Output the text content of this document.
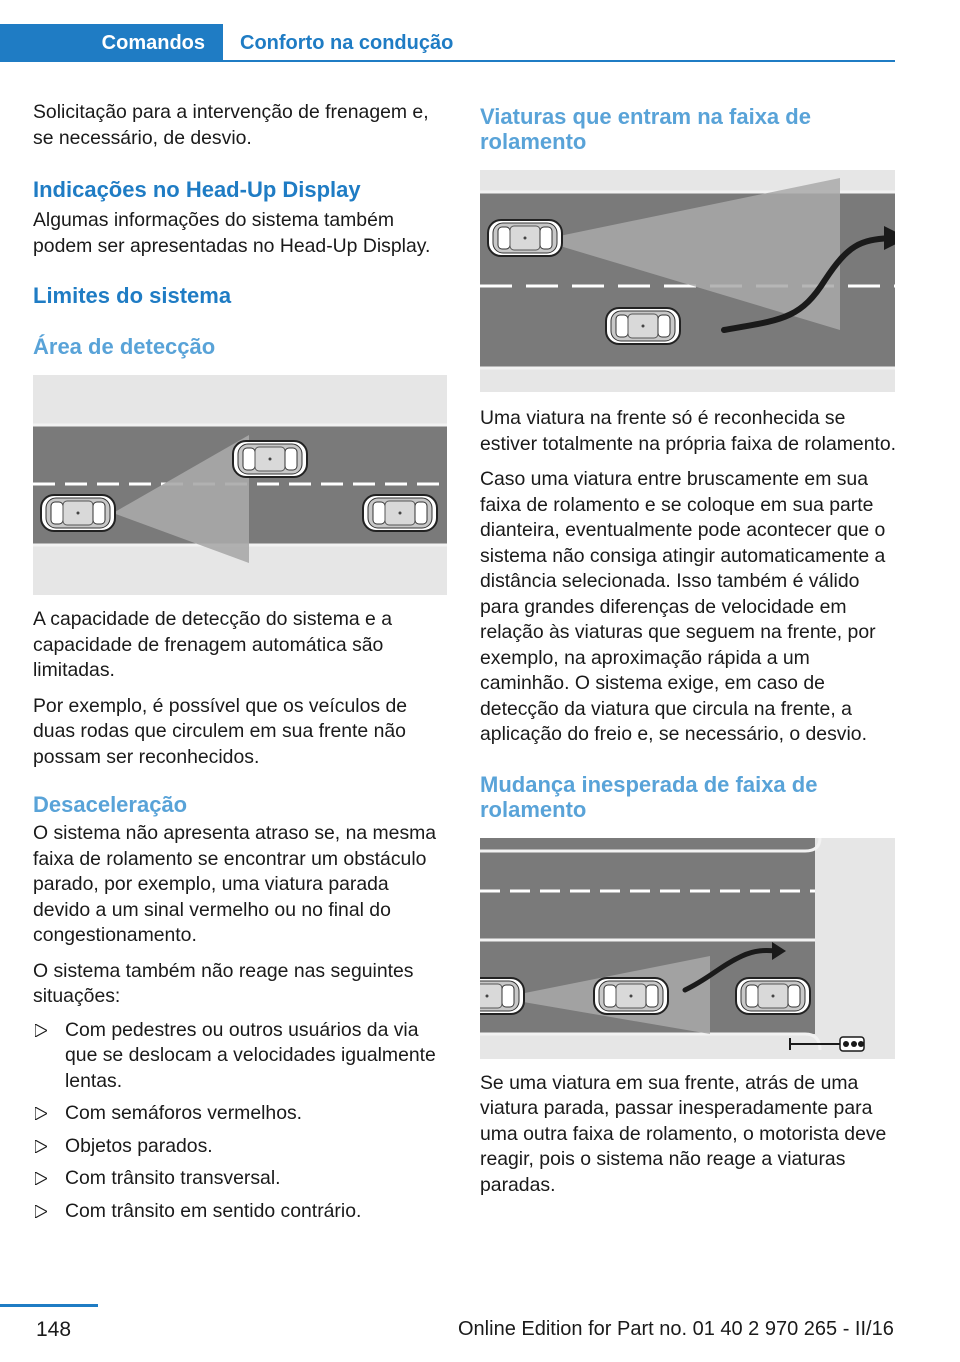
Comandos Conforto na condução

Solicitação para a intervenção de frenagem e, se necessário, de desvio.

Indicações no Head-Up Display

Algumas informações do sistema também podem ser apresentadas no Head-Up Display.

Limites do sistema
Área de detecção

A capacidade de detecção do sistema e a capacidade de frenagem automática são limitadas.

Por exemplo, é possível que os veículos de duas rodas que circulem em sua frente não possam ser reconhecidos.

Desaceleração

O sistema não apresenta atraso se, na mesma faixa de rolamento se encontrar um obstáculo parado, por exemplo, uma viatura parada devido a um sinal vermelho ou no final do congestionamento.

O sistema também não reage nas seguintes situações:

Com pedestres ou outros usuários da via que se deslocam a velocidades igualmente lentas.
Com semáforos vermelhos.
Objetos parados.
Com trânsito transversal.
Com trânsito em sentido contrário.
Viaturas que entram na faixa de rolamento

Uma viatura na frente só é reconhecida se estiver totalmente na própria faixa de rolamento.

Caso uma viatura entre bruscamente em sua faixa de rolamento e se coloque em sua parte dianteira, eventualmente pode acontecer que o sistema não consiga atingir automaticamente a distância selecionada. Isso também é válido para grandes diferenças de velocidade em relação às viaturas que seguem na frente, por exemplo, na aproximação rápida a um caminhão. O sistema exige, em caso de detecção da viatura que circula na frente, a aplicação do freio e, se necessário, o desvio.

Mudança inesperada de faixa de rolamento

Se uma viatura em sua frente, atrás de uma viatura parada, passar inesperadamente para uma outra faixa de rolamento, o motorista deve reagir, pois o sistema não reage a viaturas paradas.

148	Online Edition for Part no. 01 40 2 970 265 - II/16
